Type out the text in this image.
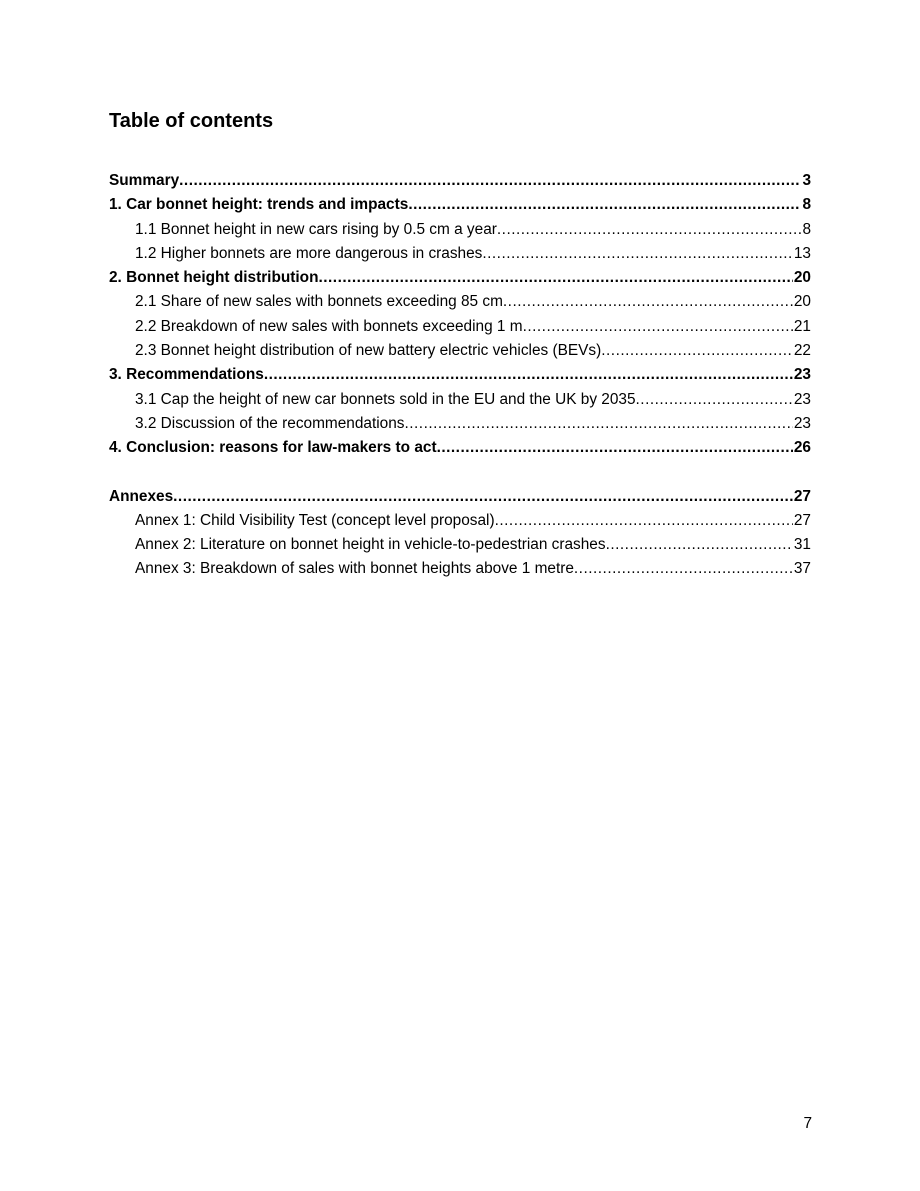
Table of contents
Summary .....	3
1. Car bonnet height: trends and impacts .....	8
1.1 Bonnet height in new cars rising by 0.5 cm a year .....	8
1.2 Higher bonnets are more dangerous in crashes .....	13
2. Bonnet height distribution .....	20
2.1 Share of new sales with bonnets exceeding 85 cm .....	20
2.2 Breakdown of new sales with bonnets exceeding 1 m .....	21
2.3 Bonnet height distribution of new battery electric vehicles (BEVs) .....	22
3. Recommendations .....	23
3.1 Cap the height of new car bonnets sold in the EU and the UK by 2035 .....	23
3.2 Discussion of the recommendations .....	23
4. Conclusion: reasons for law-makers to act .....	26
Annexes .....	27
Annex 1: Child Visibility Test (concept level proposal) .....	27
Annex 2: Literature on bonnet height in vehicle-to-pedestrian crashes .....	31
Annex 3: Breakdown of sales with bonnet heights above 1 metre .....	37
7
